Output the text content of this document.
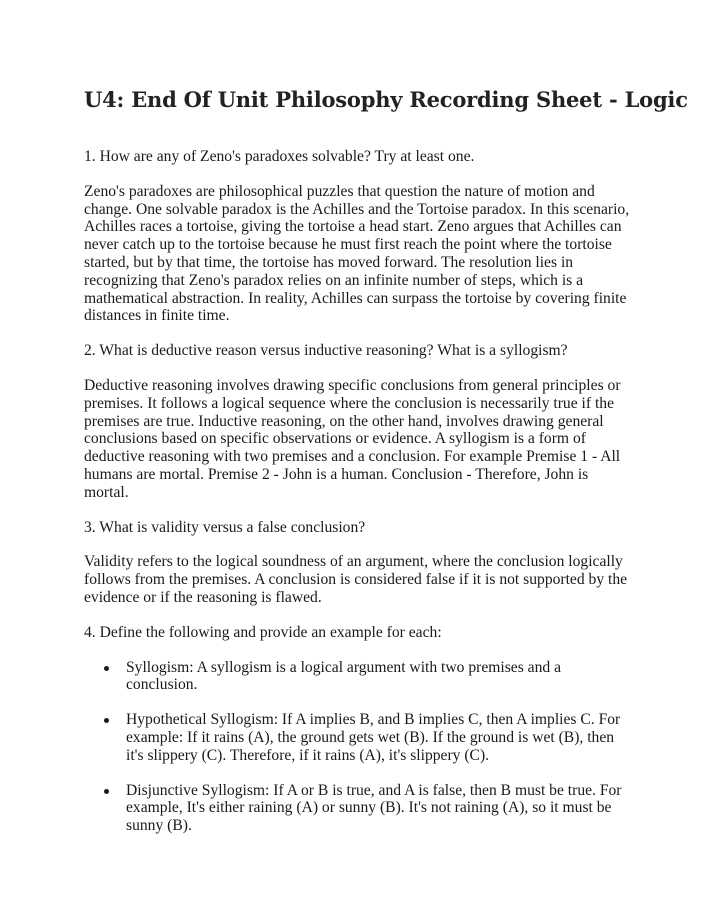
U4: End Of Unit Philosophy Recording Sheet - Logic

1. How are any of Zeno's paradoxes solvable? Try at least one.

Zeno's paradoxes are philosophical puzzles that question the nature of motion and change. One solvable paradox is the Achilles and the Tortoise paradox. In this scenario, Achilles races a tortoise, giving the tortoise a head start. Zeno argues that Achilles can never catch up to the tortoise because he must first reach the point where the tortoise started, but by that time, the tortoise has moved forward. The resolution lies in recognizing that Zeno's paradox relies on an infinite number of steps, which is a mathematical abstraction. In reality, Achilles can surpass the tortoise by covering finite distances in finite time.

2. What is deductive reason versus inductive reasoning? What is a syllogism?

Deductive reasoning involves drawing specific conclusions from general principles or premises. It follows a logical sequence where the conclusion is necessarily true if the premises are true. Inductive reasoning, on the other hand, involves drawing general conclusions based on specific observations or evidence. A syllogism is a form of deductive reasoning with two premises and a conclusion. For example Premise 1 - All humans are mortal. Premise 2 - John is a human. Conclusion - Therefore, John is mortal.

3. What is validity versus a false conclusion?

Validity refers to the logical soundness of an argument, where the conclusion logically follows from the premises. A conclusion is considered false if it is not supported by the evidence or if the reasoning is flawed.

4. Define the following and provide an example for each:

Syllogism: A syllogism is a logical argument with two premises and a conclusion.
Hypothetical Syllogism: If A implies B, and B implies C, then A implies C. For example: If it rains (A), the ground gets wet (B). If the ground is wet (B), then it's slippery (C). Therefore, if it rains (A), it's slippery (C).
Disjunctive Syllogism: If A or B is true, and A is false, then B must be true. For example, It's either raining (A) or sunny (B). It's not raining (A), so it must be sunny (B).
